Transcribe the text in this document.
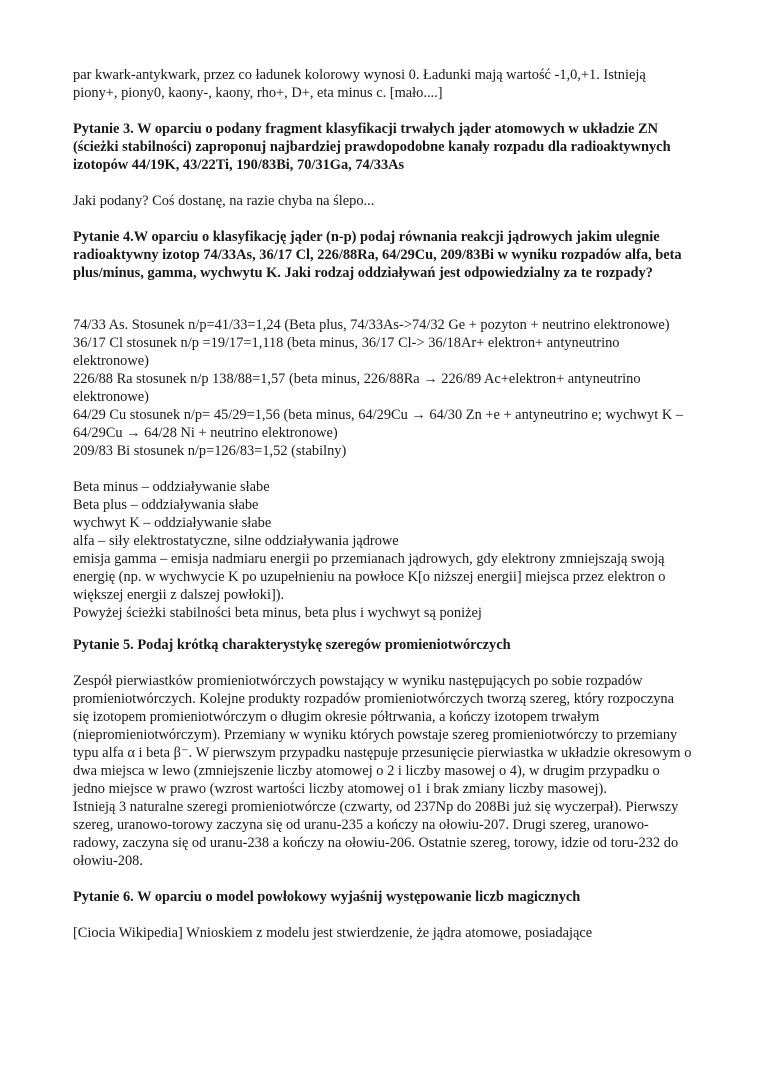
par kwark-antykwark, przez co ładunek kolorowy wynosi 0. Ładunki mają wartość -1,0,+1. Istnieją piony+, piony0, kaony-, kaony, rho+, D+, eta minus c. [mało....]

Pytanie 3. W oparciu o podany fragment klasyfikacji trwałych jąder atomowych w układzie ZN (ścieżki stabilności) zaproponuj najbardziej prawdopodobne kanały rozpadu dla radioaktywnych izotopów 44/19K, 43/22Ti, 190/83Bi, 70/31Ga, 74/33As

Jaki podany? Coś dostanę, na razie chyba na ślepo...

Pytanie 4.W oparciu o klasyfikację jąder (n-p) podaj równania reakcji jądrowych jakim ulegnie radioaktywny izotop 74/33As, 36/17 Cl, 226/88Ra, 64/29Cu, 209/83Bi w wyniku rozpadów alfa, beta plus/minus, gamma, wychwytu K. Jaki rodzaj oddziaływań jest odpowiedzialny za te rozpady?

74/33 As. Stosunek n/p=41/33=1,24 (Beta plus, 74/33As->74/32 Ge + pozyton + neutrino elektronowe)

36/17 Cl stosunek n/p =19/17=1,118 (beta minus, 36/17 Cl-> 36/18Ar+ elektron+ antyneutrino elektronowe)

226/88 Ra stosunek n/p 138/88=1,57 (beta minus, 226/88Ra → 226/89 Ac+elektron+ antyneutrino elektronowe)

64/29 Cu stosunek n/p= 45/29=1,56 (beta minus, 64/29Cu → 64/30 Zn +e + antyneutrino e; wychwyt K – 64/29Cu → 64/28 Ni + neutrino elektronowe)

209/83 Bi stosunek n/p=126/83=1,52 (stabilny)

Beta minus – oddziaływanie słabe

Beta plus – oddziaływania słabe

wychwyt K – oddziaływanie słabe

alfa – siły elektrostatyczne, silne oddziaływania jądrowe

emisja gamma – emisja nadmiaru energii po przemianach jądrowych, gdy elektrony zmniejszają swoją energię (np. w wychwycie K po uzupełnieniu na powłoce K[o niższej energii] miejsca przez elektron o większej energii z dalszej powłoki]).

Powyżej ścieżki stabilności beta minus, beta plus i wychwyt są poniżej

Pytanie 5. Podaj krótką charakterystykę szeregów promieniotwórczych

Zespół pierwiastków promieniotwórczych powstający w wyniku następujących po sobie rozpadów promieniotwórczych. Kolejne produkty rozpadów promieniotwórczych tworzą szereg, który rozpoczyna się izotopem promieniotwórczym o długim okresie półtrwania, a kończy izotopem trwałym (niepromieniotwórczym). Przemiany w wyniku których powstaje szereg promieniotwórczy to przemiany typu alfa α i beta β⁻. W pierwszym przypadku następuje przesunięcie pierwiastka w układzie okresowym o dwa miejsca w lewo (zmniejszenie liczby atomowej o 2 i liczby masowej o 4), w drugim przypadku o jedno miejsce w prawo (wzrost wartości liczby atomowej o1 i brak zmiany liczby masowej).

Istnieją 3 naturalne szeregi promieniotwórcze (czwarty, od 237Np do 208Bi już się wyczerpał). Pierwszy szereg, uranowo-torowy zaczyna się od uranu-235 a kończy na ołowiu-207. Drugi szereg, uranowo-radowy, zaczyna się od uranu-238 a kończy na ołowiu-206. Ostatnie szereg, torowy, idzie od toru-232 do ołowiu-208.

Pytanie 6. W oparciu o model powłokowy wyjaśnij występowanie liczb magicznych

[Ciocia Wikipedia] Wnioskiem z modelu jest stwierdzenie, że jądra atomowe, posiadające
